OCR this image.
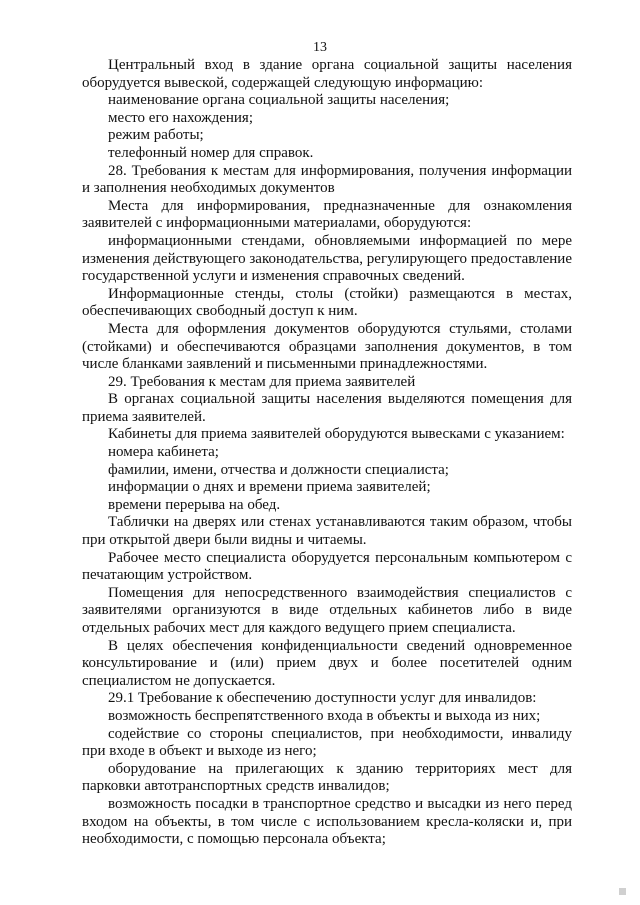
13

Центральный вход в здание органа социальной защиты населения оборудуется вывеской, содержащей следующую информацию:

наименование органа социальной защиты населения;

место его нахождения;

режим работы;

телефонный номер для справок.

28. Требования к местам для информирования, получения информации и заполнения необходимых документов

Места для информирования, предназначенные для ознакомления заявителей с информационными материалами, оборудуются:

информационными стендами, обновляемыми информацией по мере изменения действующего законодательства, регулирующего предоставление государственной услуги и изменения справочных сведений.

Информационные стенды, столы (стойки) размещаются в местах, обеспечивающих свободный доступ к ним.

Места для оформления документов оборудуются стульями, столами (стойками) и обеспечиваются образцами заполнения документов, в том числе бланками заявлений и письменными принадлежностями.

29. Требования к местам для приема заявителей

В органах социальной защиты населения выделяются помещения для приема заявителей.

Кабинеты для приема заявителей оборудуются вывесками с указанием:

номера кабинета;

фамилии, имени, отчества и должности специалиста;

информации о днях и времени приема заявителей;

времени перерыва на обед.

Таблички на дверях или стенах устанавливаются таким образом, чтобы при открытой двери были видны и читаемы.

Рабочее место специалиста оборудуется персональным компьютером с печатающим устройством.

Помещения для непосредственного взаимодействия специалистов с заявителями организуются в виде отдельных кабинетов либо в виде отдельных рабочих мест для каждого ведущего прием специалиста.

В целях обеспечения конфиденциальности сведений одновременное консультирование и (или) прием двух и более посетителей одним специалистом не допускается.

29.1 Требование к обеспечению доступности услуг для инвалидов:

возможность беспрепятственного входа в объекты и выхода из них;

содействие со стороны специалистов, при необходимости, инвалиду при входе в объект и выходе из него;

оборудование на прилегающих к зданию территориях мест для парковки автотранспортных средств инвалидов;

возможность посадки в транспортное средство и высадки из него перед входом на объекты, в том числе с использованием кресла-коляски и, при необходимости, с помощью персонала объекта;
